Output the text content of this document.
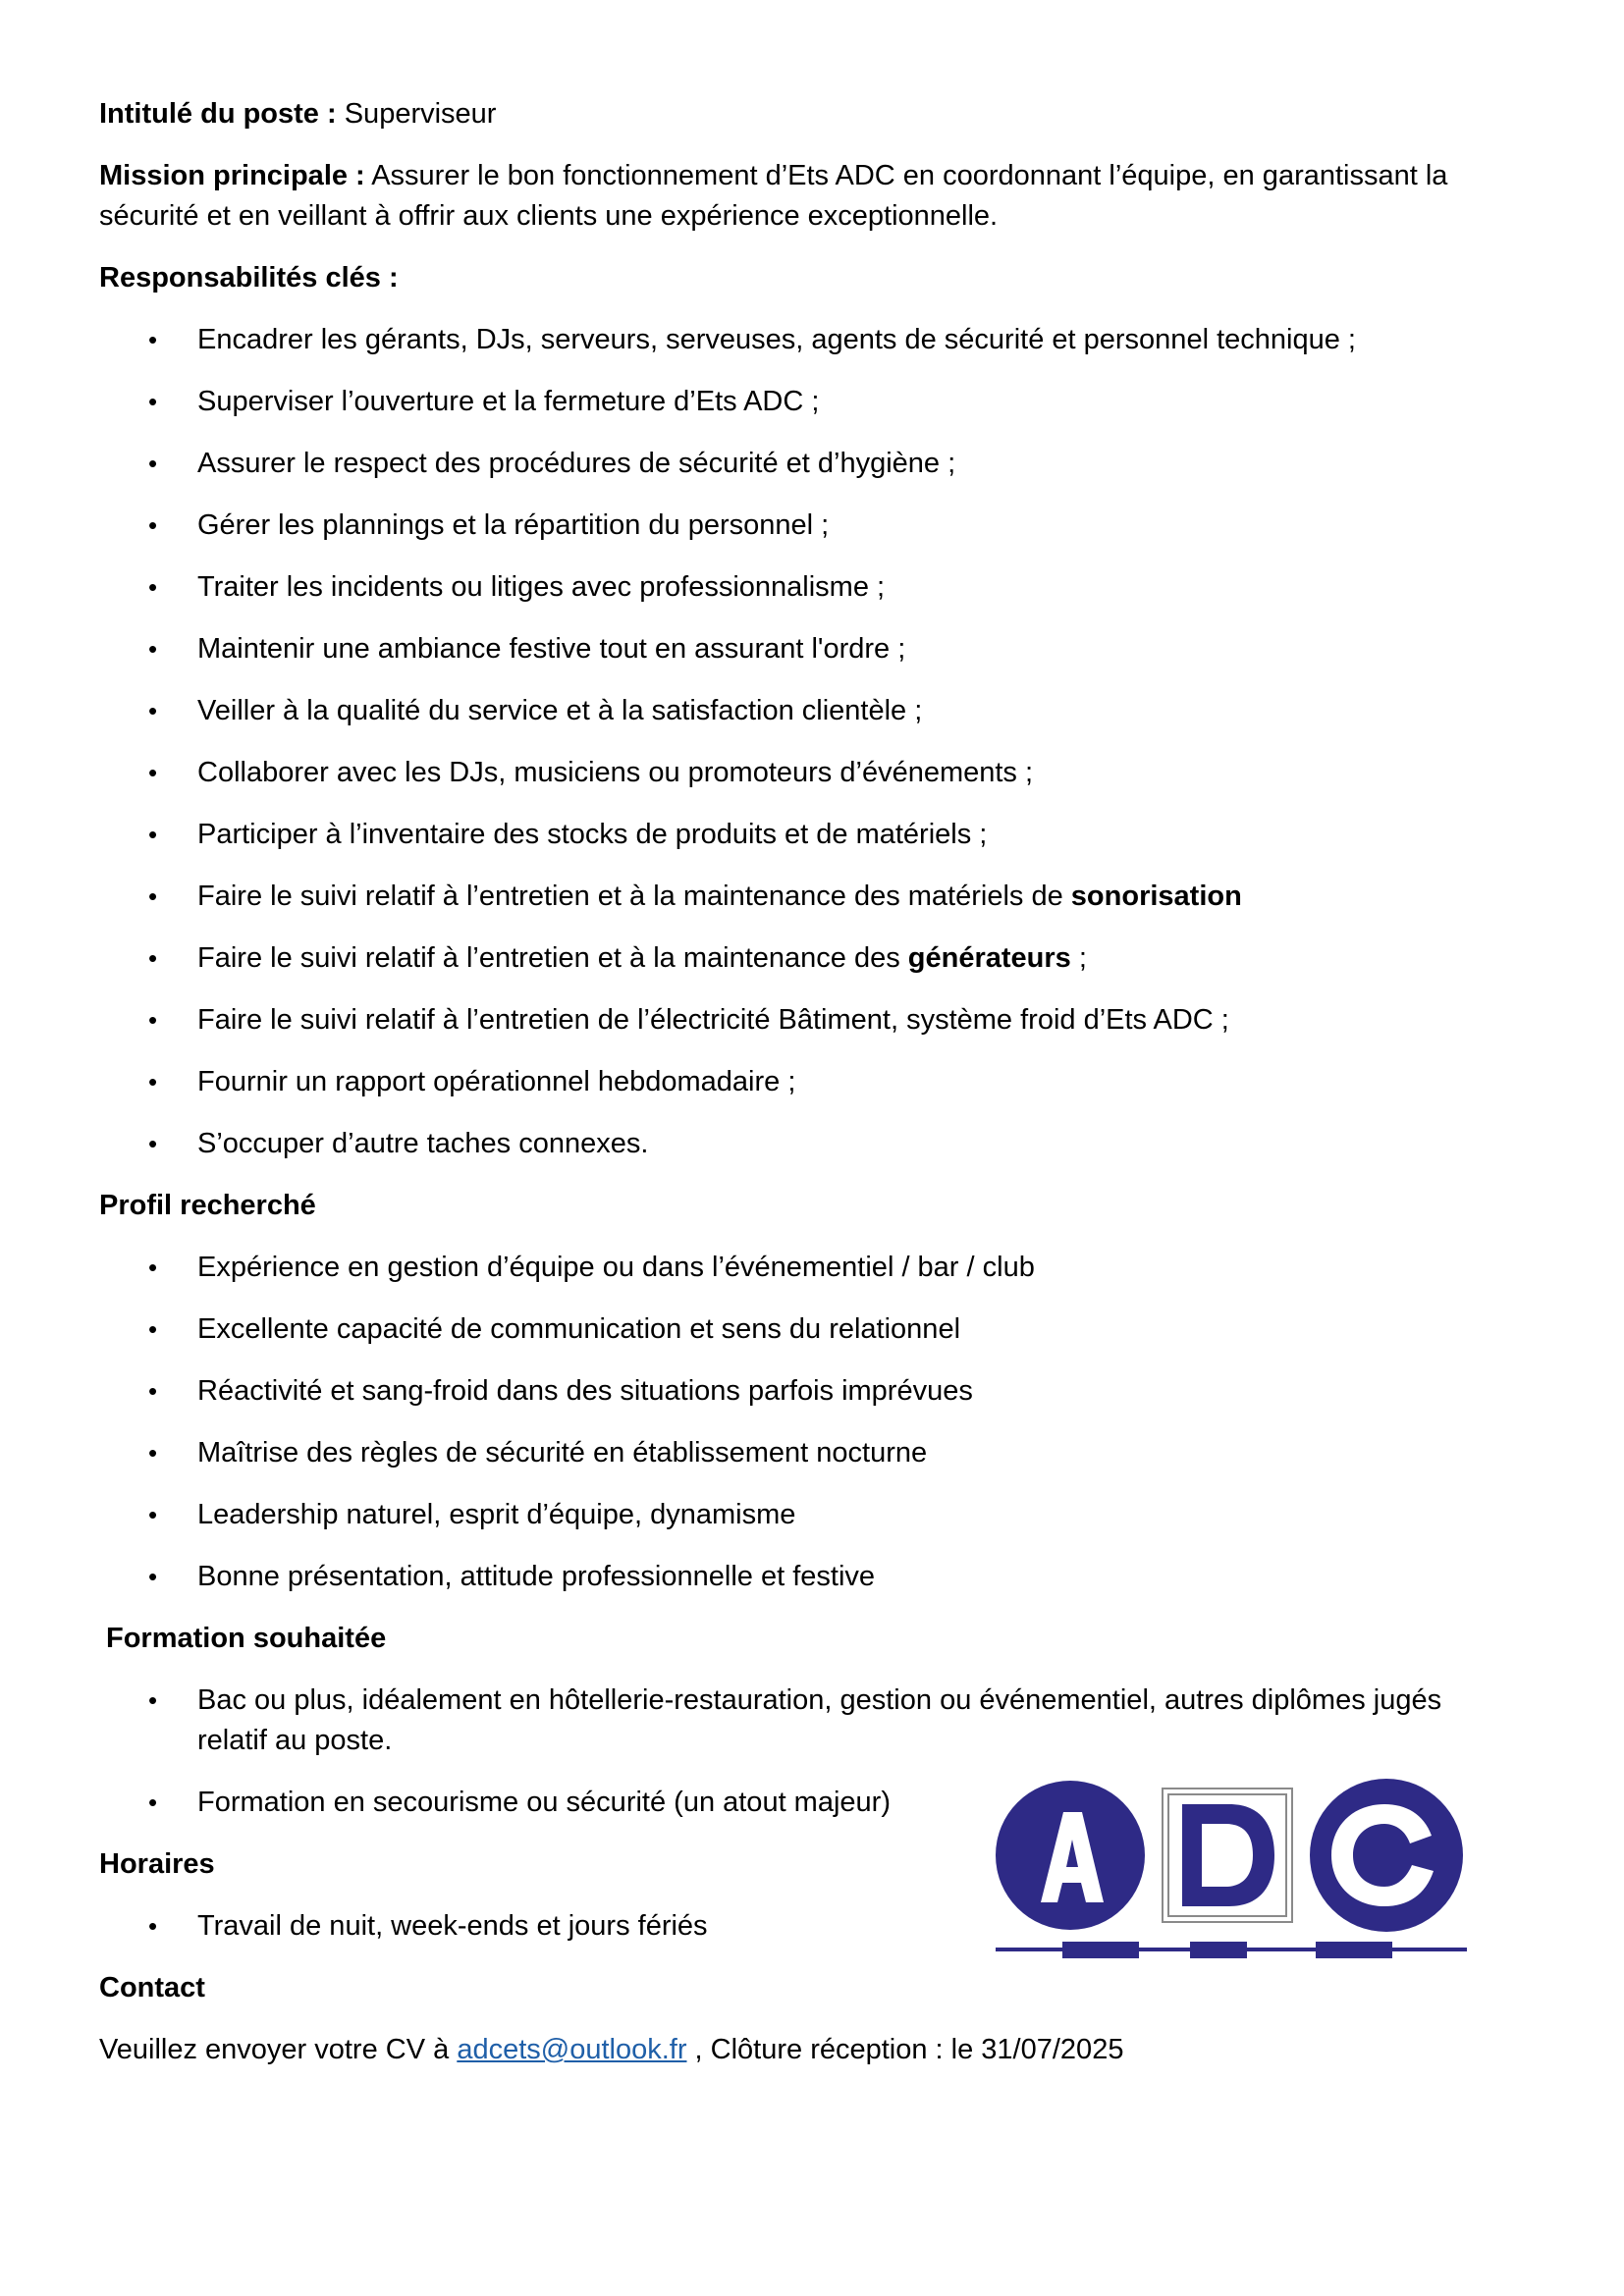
Intitulé du poste : Superviseur

Mission principale : Assurer le bon fonctionnement d’Ets ADC en coordonnant l’équipe, en garantissant la sécurité et en veillant à offrir aux clients une expérience exceptionnelle.

Responsabilités clés :
• Encadrer les gérants, DJs, serveurs, serveuses, agents de sécurité et personnel technique ;
• Superviser l’ouverture et la fermeture d’Ets ADC ;
• Assurer le respect des procédures de sécurité et d’hygiène ;
• Gérer les plannings et la répartition du personnel ;
• Traiter les incidents ou litiges avec professionnalisme ;
• Maintenir une ambiance festive tout en assurant l'ordre ;
• Veiller à la qualité du service et à la satisfaction clientèle ;
• Collaborer avec les DJs, musiciens ou promoteurs d’événements ;
• Participer à l’inventaire des stocks de produits et de matériels ;
• Faire le suivi relatif à l’entretien et à la maintenance des matériels de sonorisation
• Faire le suivi relatif à l’entretien et à la maintenance des générateurs ;
• Faire le suivi relatif à l’entretien de l’électricité Bâtiment, système froid d’Ets ADC ;
• Fournir un rapport opérationnel hebdomadaire ;
• S’occuper d’autre taches connexes.
Profil recherché
• Expérience en gestion d’équipe ou dans l’événementiel / bar / club
• Excellente capacité de communication et sens du relationnel
• Réactivité et sang-froid dans des situations parfois imprévues
• Maîtrise des règles de sécurité en établissement nocturne
• Leadership naturel, esprit d’équipe, dynamisme
• Bonne présentation, attitude professionnelle et festive
Formation souhaitée
• Bac ou plus, idéalement en hôtellerie-restauration, gestion ou événementiel, autres diplômes jugés relatif au poste.
• Formation en secourisme ou sécurité (un atout majeur)
Horaires
• Travail de nuit, week-ends et jours fériés
Contact

Veuillez envoyer votre CV à adcets@outlook.fr , Clôture réception : le 31/07/2025
